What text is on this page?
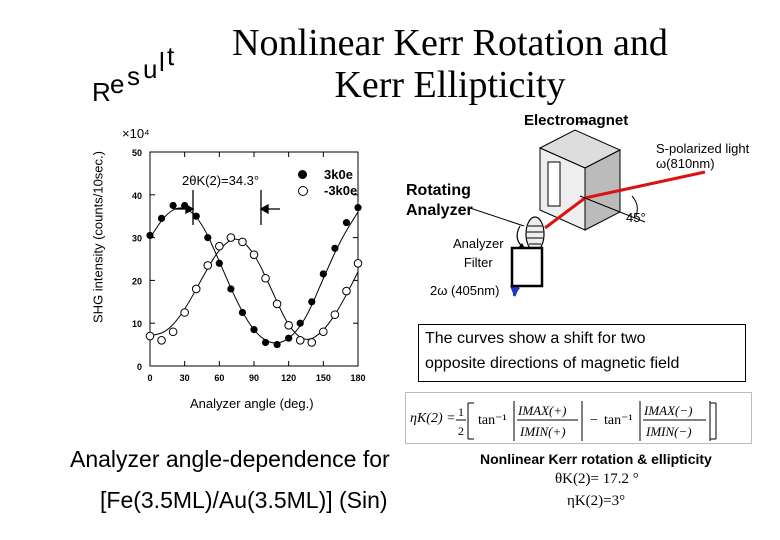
R e s u l t	Nonlinear Kerr Rotation and Kerr Ellipticity
SHG intensity (counts/10sec.)
×10⁴
0
10
20
30
40
50
0	30	60	90 120 150 180
2θK(2)=34.3°	3k0e
-3k0e
Analyzer angle (deg.)
Electromagnet
S-polarized light
ω(810nm)
Rotating
Analyzer	45°
Analyzer
Filter
2ω (405nm)
The curves show a shift for two
opposite directions of magnetic field
ηK(2) = 1
2
tan⁻¹
IMAX(+)
IMIN(+)
− tan⁻¹
IMAX(−)
IMIN(−)
Analyzer angle-dependence for
[Fe(3.5ML)/Au(3.5ML)] (Sin)
Nonlinear Kerr rotation & ellipticity
θK(2)= 17.2 °
ηK(2)=3°
